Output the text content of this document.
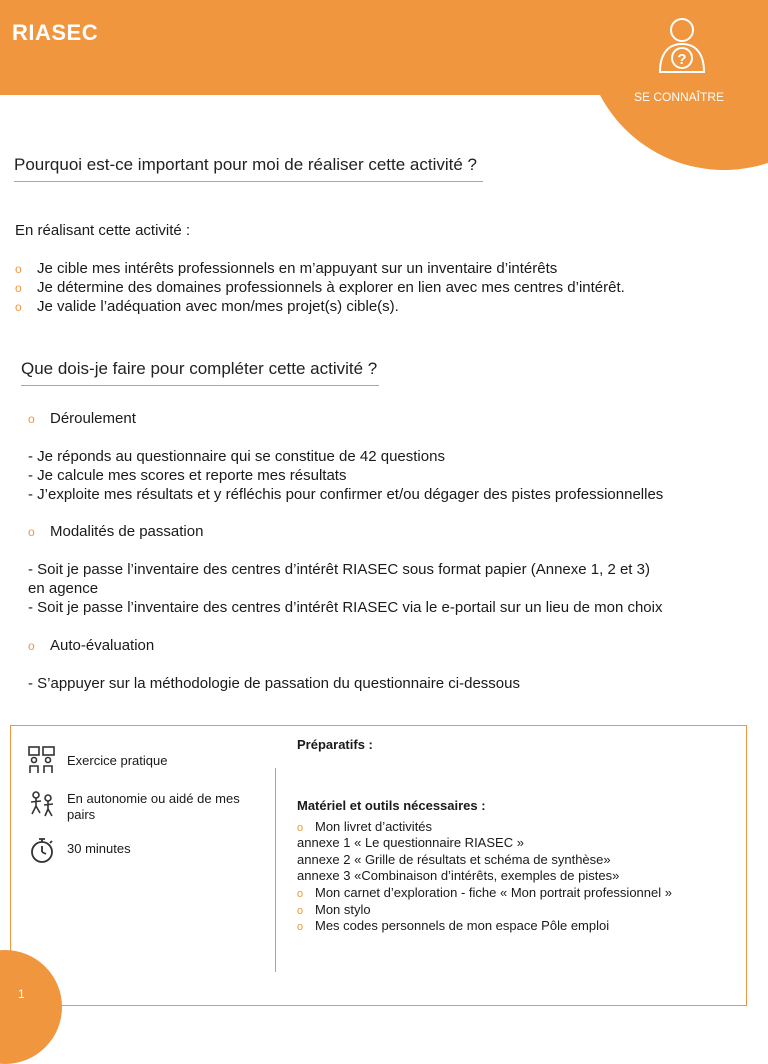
RIASEC
?
SE CONNAÎTRE
Pourquoi est-ce important pour moi de réaliser cette activité ?
En réalisant cette activité :
o Je cible mes intérêts professionnels en m’appuyant sur un inventaire d’intérêts
o Je détermine des domaines professionnels à explorer en lien avec mes centres d’intérêt.
o Je valide l’adéquation avec mon/mes projet(s) cible(s).
Que dois-je faire pour compléter cette activité ?
o Déroulement
- Je réponds au questionnaire qui se constitue de 42 questions
- Je calcule mes scores et reporte mes résultats
- J’exploite mes résultats et y réfléchis pour confirmer et/ou dégager des pistes professionnelles
o Modalités de passation
- Soit je passe l’inventaire des centres d’intérêt RIASEC sous format papier (Annexe 1, 2 et 3)
en agence
- Soit je passe l’inventaire des centres d’intérêt RIASEC via le e-portail sur un lieu de mon choix
o Auto-évaluation
- S’appuyer sur la méthodologie de passation du questionnaire ci-dessous
Exercice pratique
En autonomie ou aidé de mes pairs
30 minutes
Préparatifs :
Matériel et outils nécessaires :
o Mon livret d’activités
annexe 1 « Le questionnaire RIASEC »
annexe 2 « Grille de résultats et schéma de synthèse»
annexe 3 «Combinaison d’intérêts, exemples de pistes»
o Mon carnet d’exploration - fiche « Mon portrait professionnel »
o Mon stylo
o Mes codes personnels de mon espace Pôle emploi
1
